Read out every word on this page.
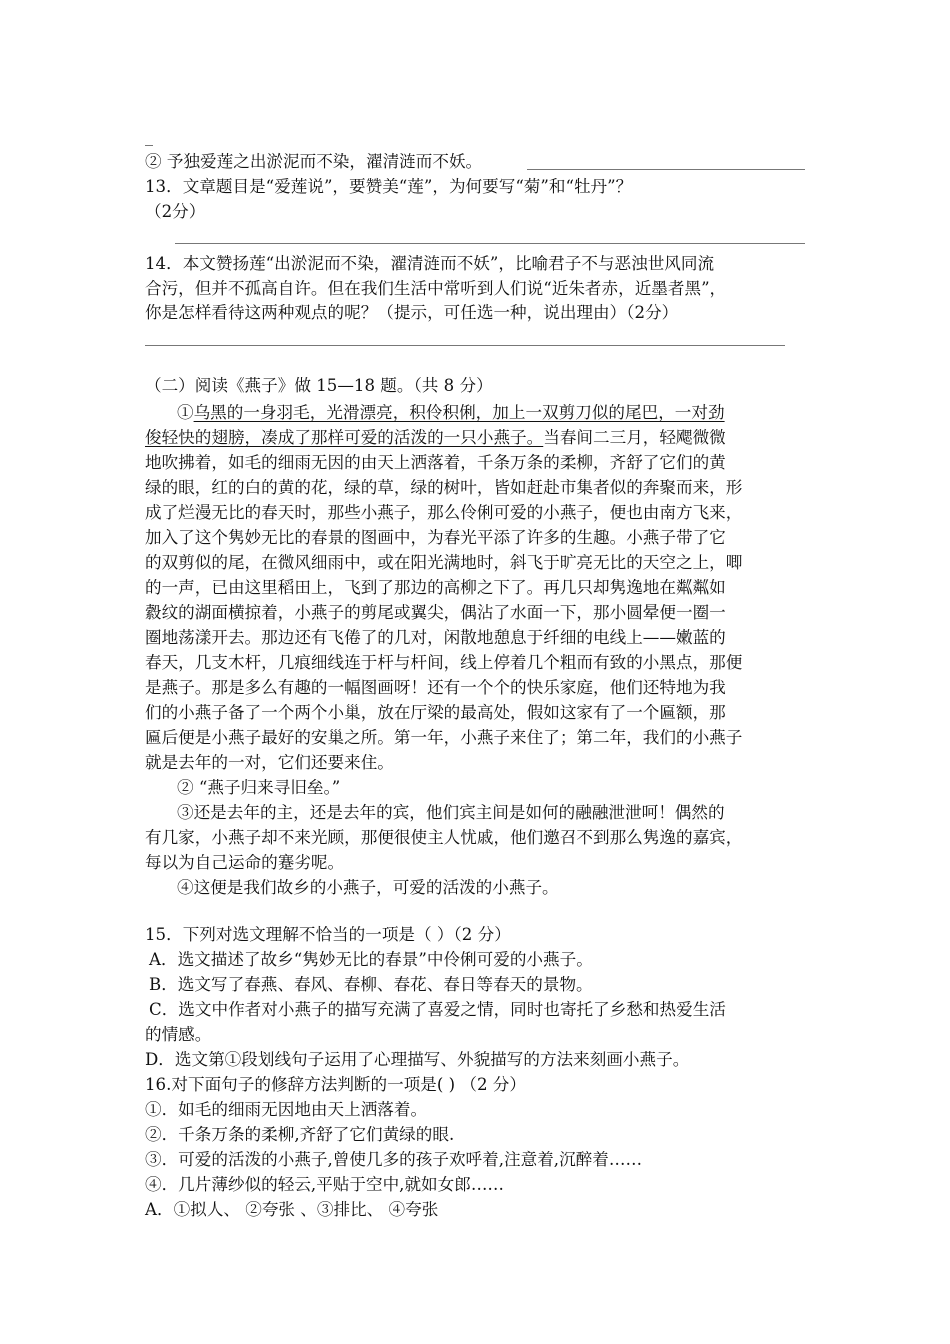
② 予独爱莲之出淤泥而不染，濯清涟而不妖。
13．文章题目是“爱莲说”，要赞美“莲”，为何要写“菊”和“牡丹”？
（2分）
14．本文赞扬莲“出淤泥而不染，濯清涟而不妖”，比喻君子不与恶浊世风同流
合污，但并不孤高自许。但在我们生活中常听到人们说“近朱者赤，近墨者黑”，
你是怎样看待这两种观点的呢？（提示，可任选一种，说出理由）（2分）
（二）阅读《燕子》做 15—18 题。（共 8 分）
①乌黑的一身羽毛，光滑漂亮，积伶积俐，加上一双剪刀似的尾巴，一对劲
俊轻快的翅膀，凑成了那样可爱的活泼的一只小燕子。当春间二三月，轻飔微微
地吹拂着，如毛的细雨无因的由天上洒落着，千条万条的柔柳，齐舒了它们的黄
绿的眼，红的白的黄的花，绿的草，绿的树叶，皆如赶赴市集者似的奔聚而来，形
成了烂漫无比的春天时，那些小燕子，那么伶俐可爱的小燕子，便也由南方飞来，
加入了这个隽妙无比的春景的图画中，为春光平添了许多的生趣。小燕子带了它
的双剪似的尾，在微风细雨中，或在阳光满地时，斜飞于旷亮无比的天空之上，唧
的一声，已由这里稻田上，飞到了那边的高柳之下了。再几只却隽逸地在粼粼如
縠纹的湖面横掠着，小燕子的剪尾或翼尖，偶沾了水面一下，那小圆晕便一圈一
圈地荡漾开去。那边还有飞倦了的几对，闲散地憩息于纤细的电线上——嫩蓝的
春天，几支木杆，几痕细线连于杆与杆间，线上停着几个粗而有致的小黑点，那便
是燕子。那是多么有趣的一幅图画呀！还有一个个的快乐家庭，他们还特地为我
们的小燕子备了一个两个小巢，放在厅梁的最高处，假如这家有了一个匾额，那
匾后便是小燕子最好的安巢之所。第一年，小燕子来住了；第二年，我们的小燕子
就是去年的一对，它们还要来住。
② “燕子归来寻旧垒。”
③还是去年的主，还是去年的宾，他们宾主间是如何的融融泄泄呵！偶然的
有几家，小燕子却不来光顾，那便很使主人忧戚，他们邀召不到那么隽逸的嘉宾，
每以为自己运命的蹇劣呢。
④这便是我们故乡的小燕子，可爱的活泼的小燕子。
15．下列对选文理解不恰当的一项是（ ）（2 分）
A．选文描述了故乡“隽妙无比的春景”中伶俐可爱的小燕子。
B．选文写了春燕、春风、春柳、春花、春日等春天的景物。
C．选文中作者对小燕子的描写充满了喜爱之情，同时也寄托了乡愁和热爱生活
的情感。
D．选文第①段划线句子运用了心理描写、外貌描写的方法来刻画小燕子。
16.对下面句子的修辞方法判断的一项是( ) （2 分）
①．如毛的细雨无因地由天上洒落着。
②．千条万条的柔柳,齐舒了它们黄绿的眼.
③．可爱的活泼的小燕子,曾使几多的孩子欢呼着,注意着,沉醉着……
④．几片薄纱似的轻云,平贴于空中,就如女郎……
A．①拟人、 ②夸张 、③排比、 ④夸张
